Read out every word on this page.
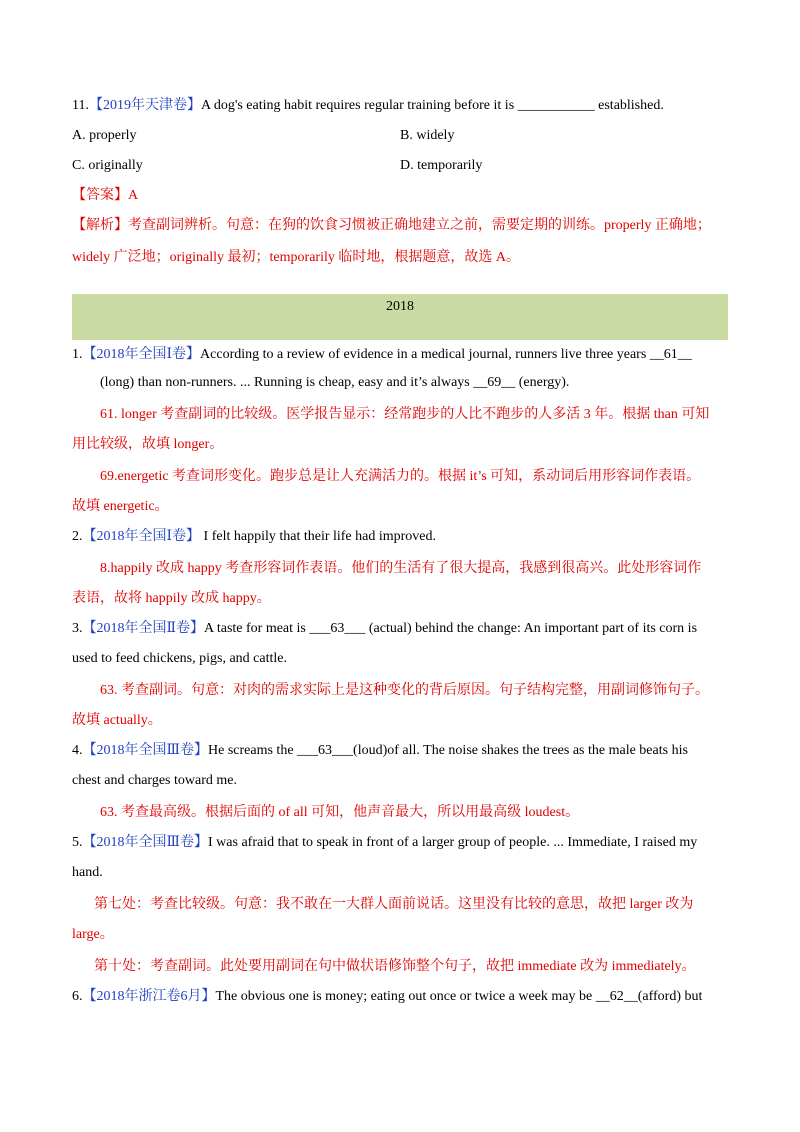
11.【2019年天津卷】A dog's eating habit requires regular training before it is ___________ established.
A. properly	B. widely
C. originally	D. temporarily
【答案】A
【解析】考查副词辨析。句意：在狗的饮食习惯被正确地建立之前，需要定期的训练。properly 正确地；
widely 广泛地；originally 最初；temporarily 临时地，根据题意，故选 A。
2018
1.【2018年全国Ⅰ卷】According to a review of evidence in a medical journal, runners live three years __61__
(long) than non-runners. ... Running is cheap, easy and it’s always __69__ (energy).
61. longer 考查副词的比较级。医学报告显示：经常跑步的人比不跑步的人多活 3 年。根据 than 可知
用比较级，故填 longer。
69.energetic 考查词形变化。跑步总是让人充满活力的。根据 it’s 可知，系动词后用形容词作表语。
故填 energetic。
2.【2018年全国Ⅰ卷】 I felt happily that their life had improved.
8.happily 改成 happy 考查形容词作表语。他们的生活有了很大提高，我感到很高兴。此处形容词作
表语，故将 happily 改成 happy。
3.【2018年全国Ⅱ卷】A taste for meat is ___63___ (actual) behind the change: An important part of its corn is
used to feed chickens, pigs, and cattle.
63. 考查副词。句意：对肉的需求实际上是这种变化的背后原因。句子结构完整，用副词修饰句子。
故填 actually。
4.【2018年全国Ⅲ卷】He screams the ___63___(loud)of all. The noise shakes the trees as the male beats his
chest and charges toward me.
63. 考查最高级。根据后面的 of all 可知，他声音最大，所以用最高级 loudest。
5.【2018年全国Ⅲ卷】I was afraid that to speak in front of a larger group of people. ... Immediate, I raised my
hand.
第七处：考查比较级。句意：我不敢在一大群人面前说话。这里没有比较的意思，故把 larger 改为
large。
第十处：考查副词。此处要用副词在句中做状语修饰整个句子，故把 immediate 改为 immediately。
6.【2018年浙江卷6月】The obvious one is money; eating out once or twice a week may be __62__(afford) but
